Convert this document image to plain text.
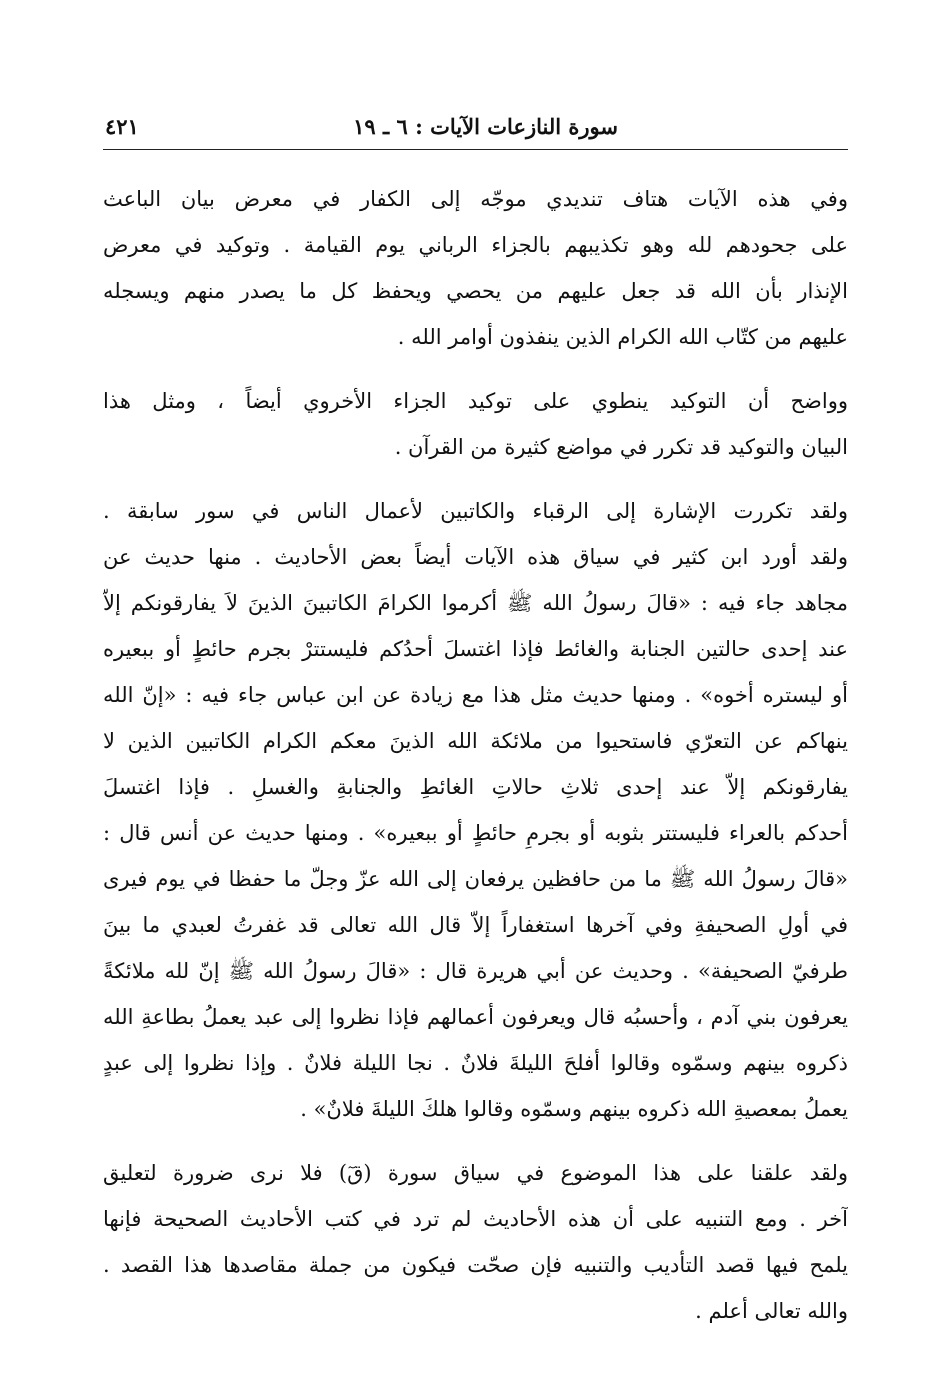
سورة النازعات الآيات : ٦ ـ ١٩
٤٢١
وفي هذه الآيات هتاف تنديدي موجّه إلى الكفار في معرض بيان الباعث
على جحودهم لله وهو تكذيبهم بالجزاء الرباني يوم القيامة . وتوكيد في معرض
الإنذار بأن الله قد جعل عليهم من يحصي ويحفظ كل ما يصدر منهم ويسجله
عليهم من كتّاب الله الكرام الذين ينفذون أوامر الله .
وواضح أن التوكيد ينطوي على توكيد الجزاء الأخروي أيضاً ، ومثل هذا
البيان والتوكيد قد تكرر في مواضع كثيرة من القرآن .
ولقد تكررت الإشارة إلى الرقباء والكاتبين لأعمال الناس في سور سابقة .
ولقد أورد ابن كثير في سياق هذه الآيات أيضاً بعض الأحاديث . منها حديث عن
مجاهد جاء فيه : «قالَ رسولُ الله ﷺ أكرموا الكرامَ الكاتبينَ الذينَ لاَ يفارقونكم إلاّ
عند إحدى حالتين الجنابة والغائط فإذا اغتسلَ أحدُكم فليستترْ بجرم حائطٍ أو ببعيره
أو ليستره أخوه» . ومنها حديث مثل هذا مع زيادة عن ابن عباس جاء فيه : «إنّ الله
ينهاكم عن التعرّي فاستحيوا من ملائكة الله الذينَ معكم الكرام الكاتبين الذين لا
يفارقونكم إلاّ عند إحدى ثلاثِ حالاتِ الغائطِ والجنابةِ والغسلِ . فإذا اغتسلَ
أحدكم بالعراء فليستتر بثوبه أو بجرمِ حائطٍ أو ببعيره» . ومنها حديث عن أنس قال :
«قالَ رسولُ الله ﷺ ما من حافظين يرفعان إلى الله عزّ وجلّ ما حفظا في يوم فيرى
في أولِ الصحيفةِ وفي آخرها استغفاراً إلاّ قال الله تعالى قد غفرتُ لعبدي ما بينَ
طرفيّ الصحيفة» . وحديث عن أبي هريرة قال : «قالَ رسولُ الله ﷺ إنّ لله ملائكةً
يعرفون بني آدم ، وأحسبُه قال ويعرفون أعمالهم فإذا نظروا إلى عبد يعملُ بطاعةِ الله
ذكروه بينهم وسمّوه وقالوا أفلحَ الليلةَ فلانٌ . نجا الليلة فلانٌ . وإذا نظروا إلى عبدٍ
يعملُ بمعصيةِ الله ذكروه بينهم وسمّوه وقالوا هلكَ الليلةَ فلانٌ» .
ولقد علقنا على هذا الموضوع في سياق سورة (قٓ) فلا نرى ضرورة لتعليق
آخر . ومع التنبيه على أن هذه الأحاديث لم ترد في كتب الأحاديث الصحيحة فإنها
يلمح فيها قصد التأديب والتنبيه فإن صحّت فيكون من جملة مقاصدها هذا القصد .
والله تعالى أعلم .
